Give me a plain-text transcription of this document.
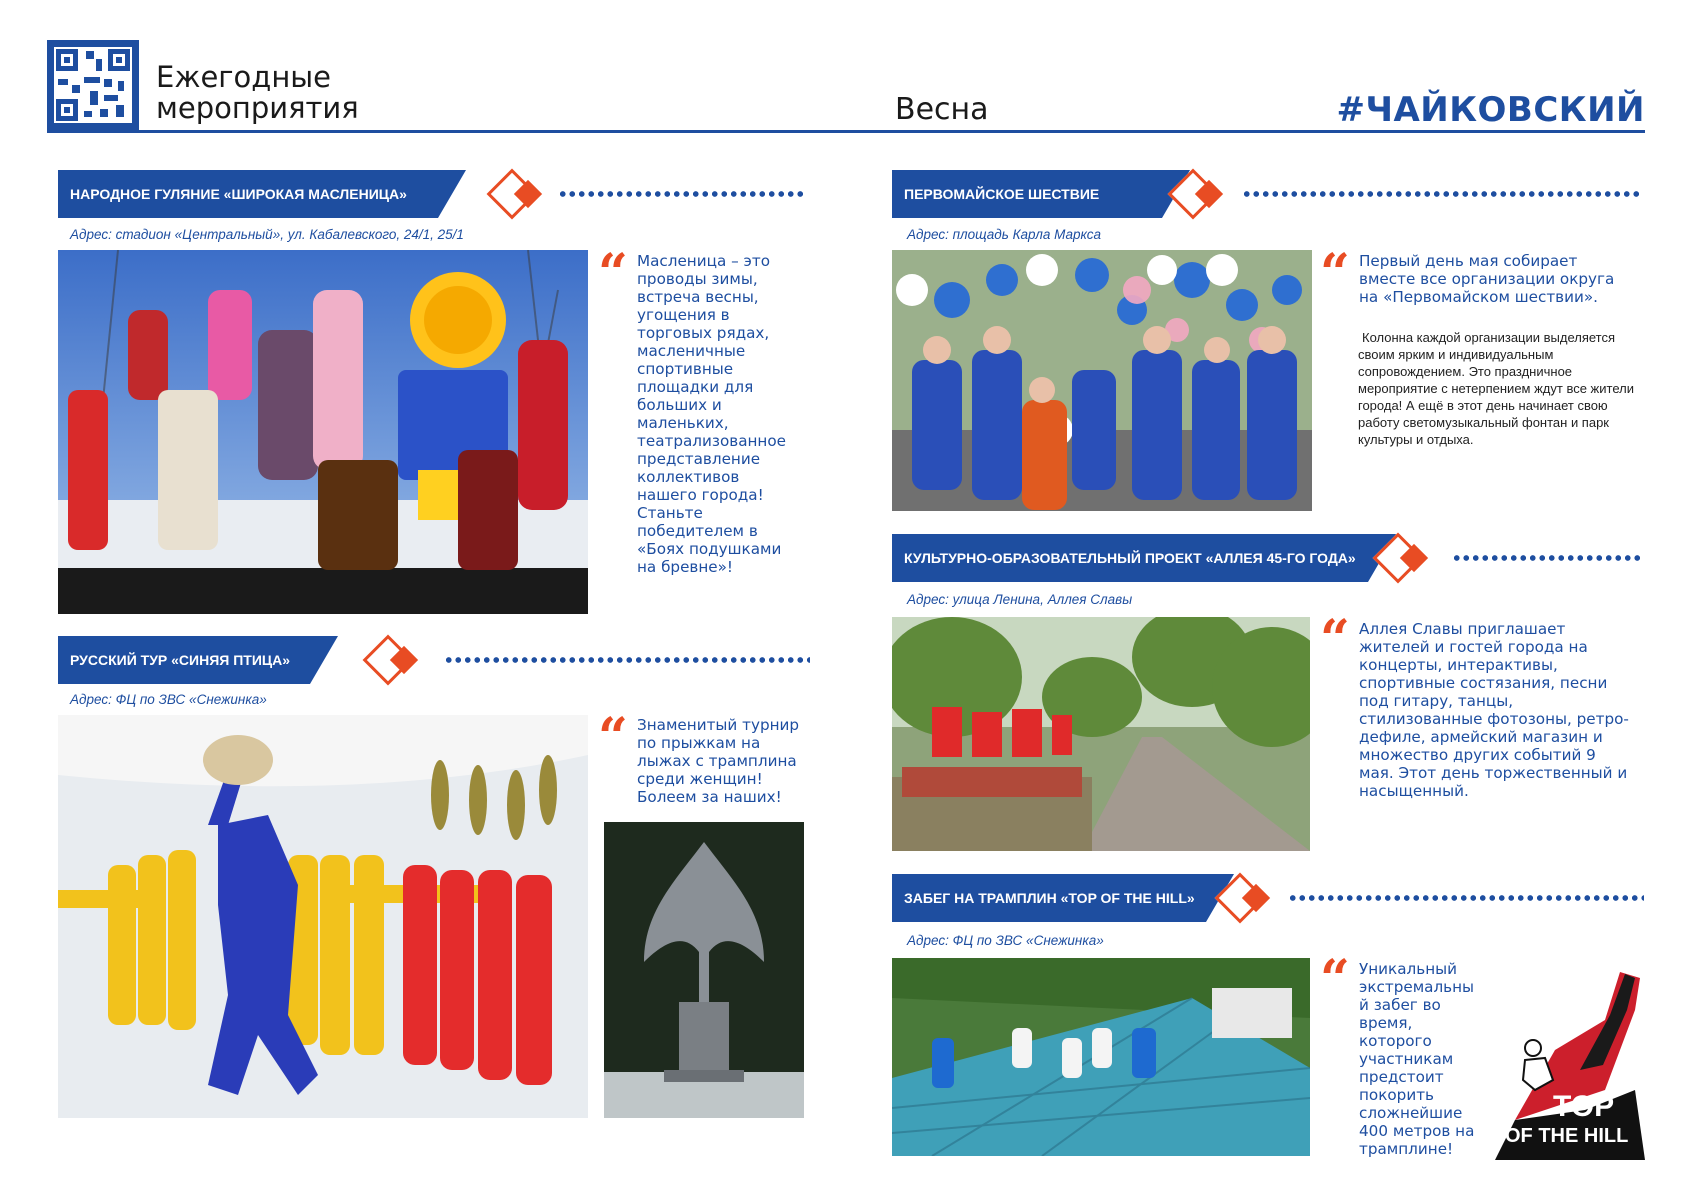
Ежегодные
мероприятия	Весна	#ЧАЙКОВСКИЙ
НАРОДНОЕ ГУЛЯНИЕ «ШИРОКАЯ МАСЛЕНИЦА»
Адрес: стадион «Центральный», ул. Кабалевского, 24/1, 25/1
“ Масленица – это проводы зимы, встреча весны, угощения в торговых рядах, масленичные спортивные площадки для больших и маленьких, театрализованное представление коллективов нашего города! Станьте победителем в «Боях подушками на бревне»!
РУССКИЙ ТУР «СИНЯЯ ПТИЦА»
Адрес: ФЦ по ЗВС «Снежинка»
“ Знаменитый турнир по прыжкам на лыжах с трамплина среди женщин! Болеем за наших!
ПЕРВОМАЙСКОЕ ШЕСТВИЕ
Адрес: площадь Карла Маркса
“ Первый день мая собирает вместе все организации округа на «Первомайском шествии».
Колонна каждой организации выделяется своим ярким и индивидуальным сопровождением. Это праздничное мероприятие с нетерпением ждут все жители города! А ещё в этот день начинает свою работу светомузыкальный фонтан и парк культуры и отдыха.
КУЛЬТУРНО-ОБРАЗОВАТЕЛЬНЫЙ ПРОЕКТ «АЛЛЕЯ 45-ГО ГОДА»
Адрес: улица Ленина, Аллея Славы
“ Аллея Славы приглашает жителей и гостей города на концерты, интерактивы, спортивные состязания, песни под гитару, танцы, стилизованные фотозоны, ретро-дефиле, армейский магазин и множество других событий 9 мая. Этот день торжественный и насыщенный.
ЗАБЕГ НА ТРАМПЛИН «TOP OF THE HILL»
Адрес: ФЦ по ЗВС «Снежинка»
“ Уникальный экстремальны й забег во время, которого участникам предстоит покорить сложнейшие 400 метров на трамплине!
TOP
OF THE HILL
